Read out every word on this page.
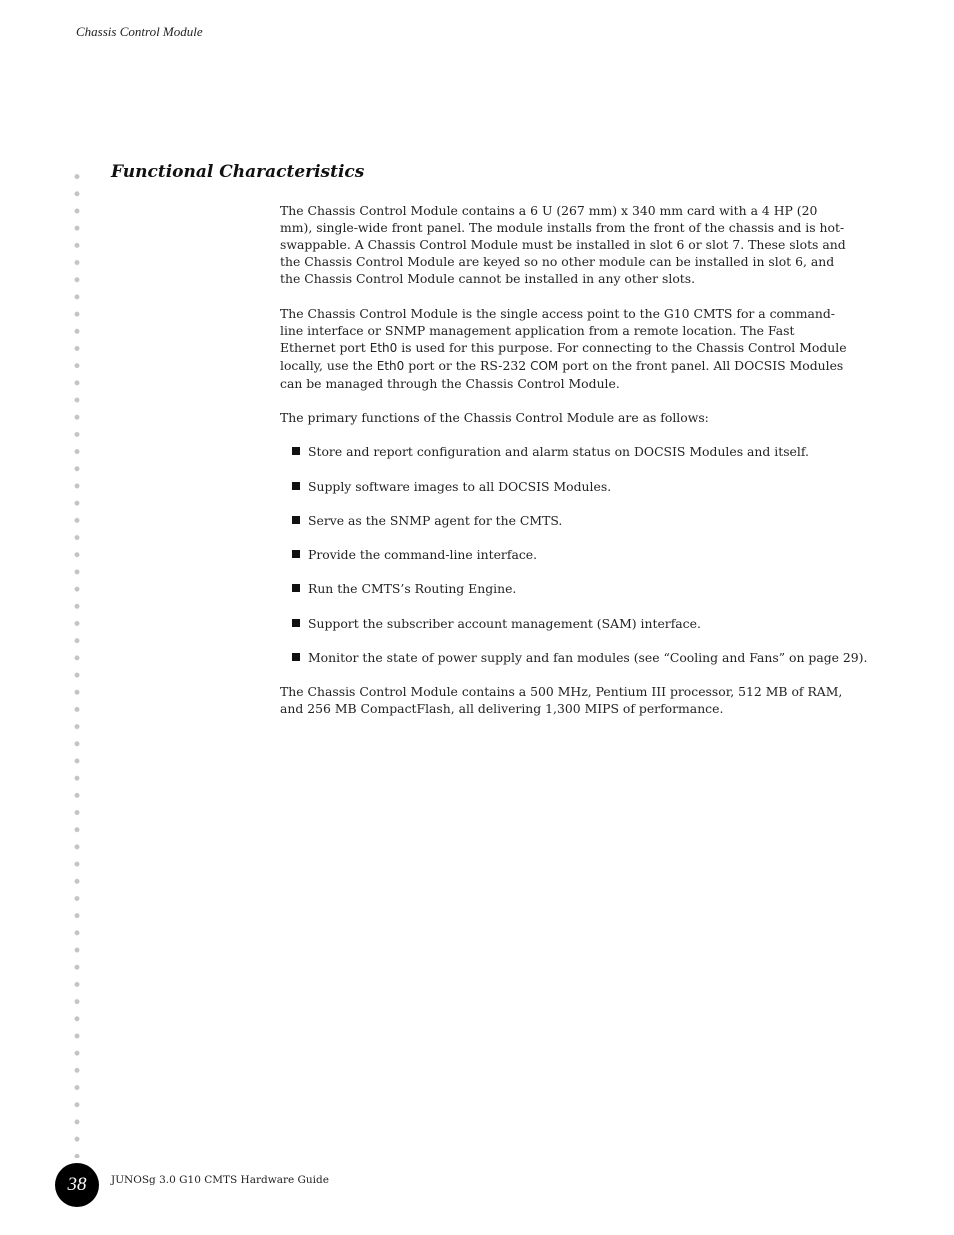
Chassis Control Module
Functional Characteristics

The Chassis Control Module contains a 6 U (267 mm) x 340 mm card with a 4 HP (20 mm), single-wide front panel. The module installs from the front of the chassis and is hot-swappable. A Chassis Control Module must be installed in slot 6 or slot 7. These slots and the Chassis Control Module are keyed so no other module can be installed in slot 6, and the Chassis Control Module cannot be installed in any other slots.

The Chassis Control Module is the single access point to the G10 CMTS for a command-line interface or SNMP management application from a remote location. The Fast Ethernet port Eth0 is used for this purpose. For connecting to the Chassis Control Module locally, use the Eth0 port or the RS-232 COM port on the front panel. All DOCSIS Modules can be managed through the Chassis Control Module.

The primary functions of the Chassis Control Module are as follows:

Store and report configuration and alarm status on DOCSIS Modules and itself.
Supply software images to all DOCSIS Modules.
Serve as the SNMP agent for the CMTS.
Provide the command-line interface.
Run the CMTS’s Routing Engine.
Support the subscriber account management (SAM) interface.
Monitor the state of power supply and fan modules (see “Cooling and Fans” on page 29).

The Chassis Control Module contains a 500 MHz, Pentium III processor, 512 MB of RAM, and 256 MB CompactFlash, all delivering 1,300 MIPS of performance.

38 JUNOSg 3.0 G10 CMTS Hardware Guide
